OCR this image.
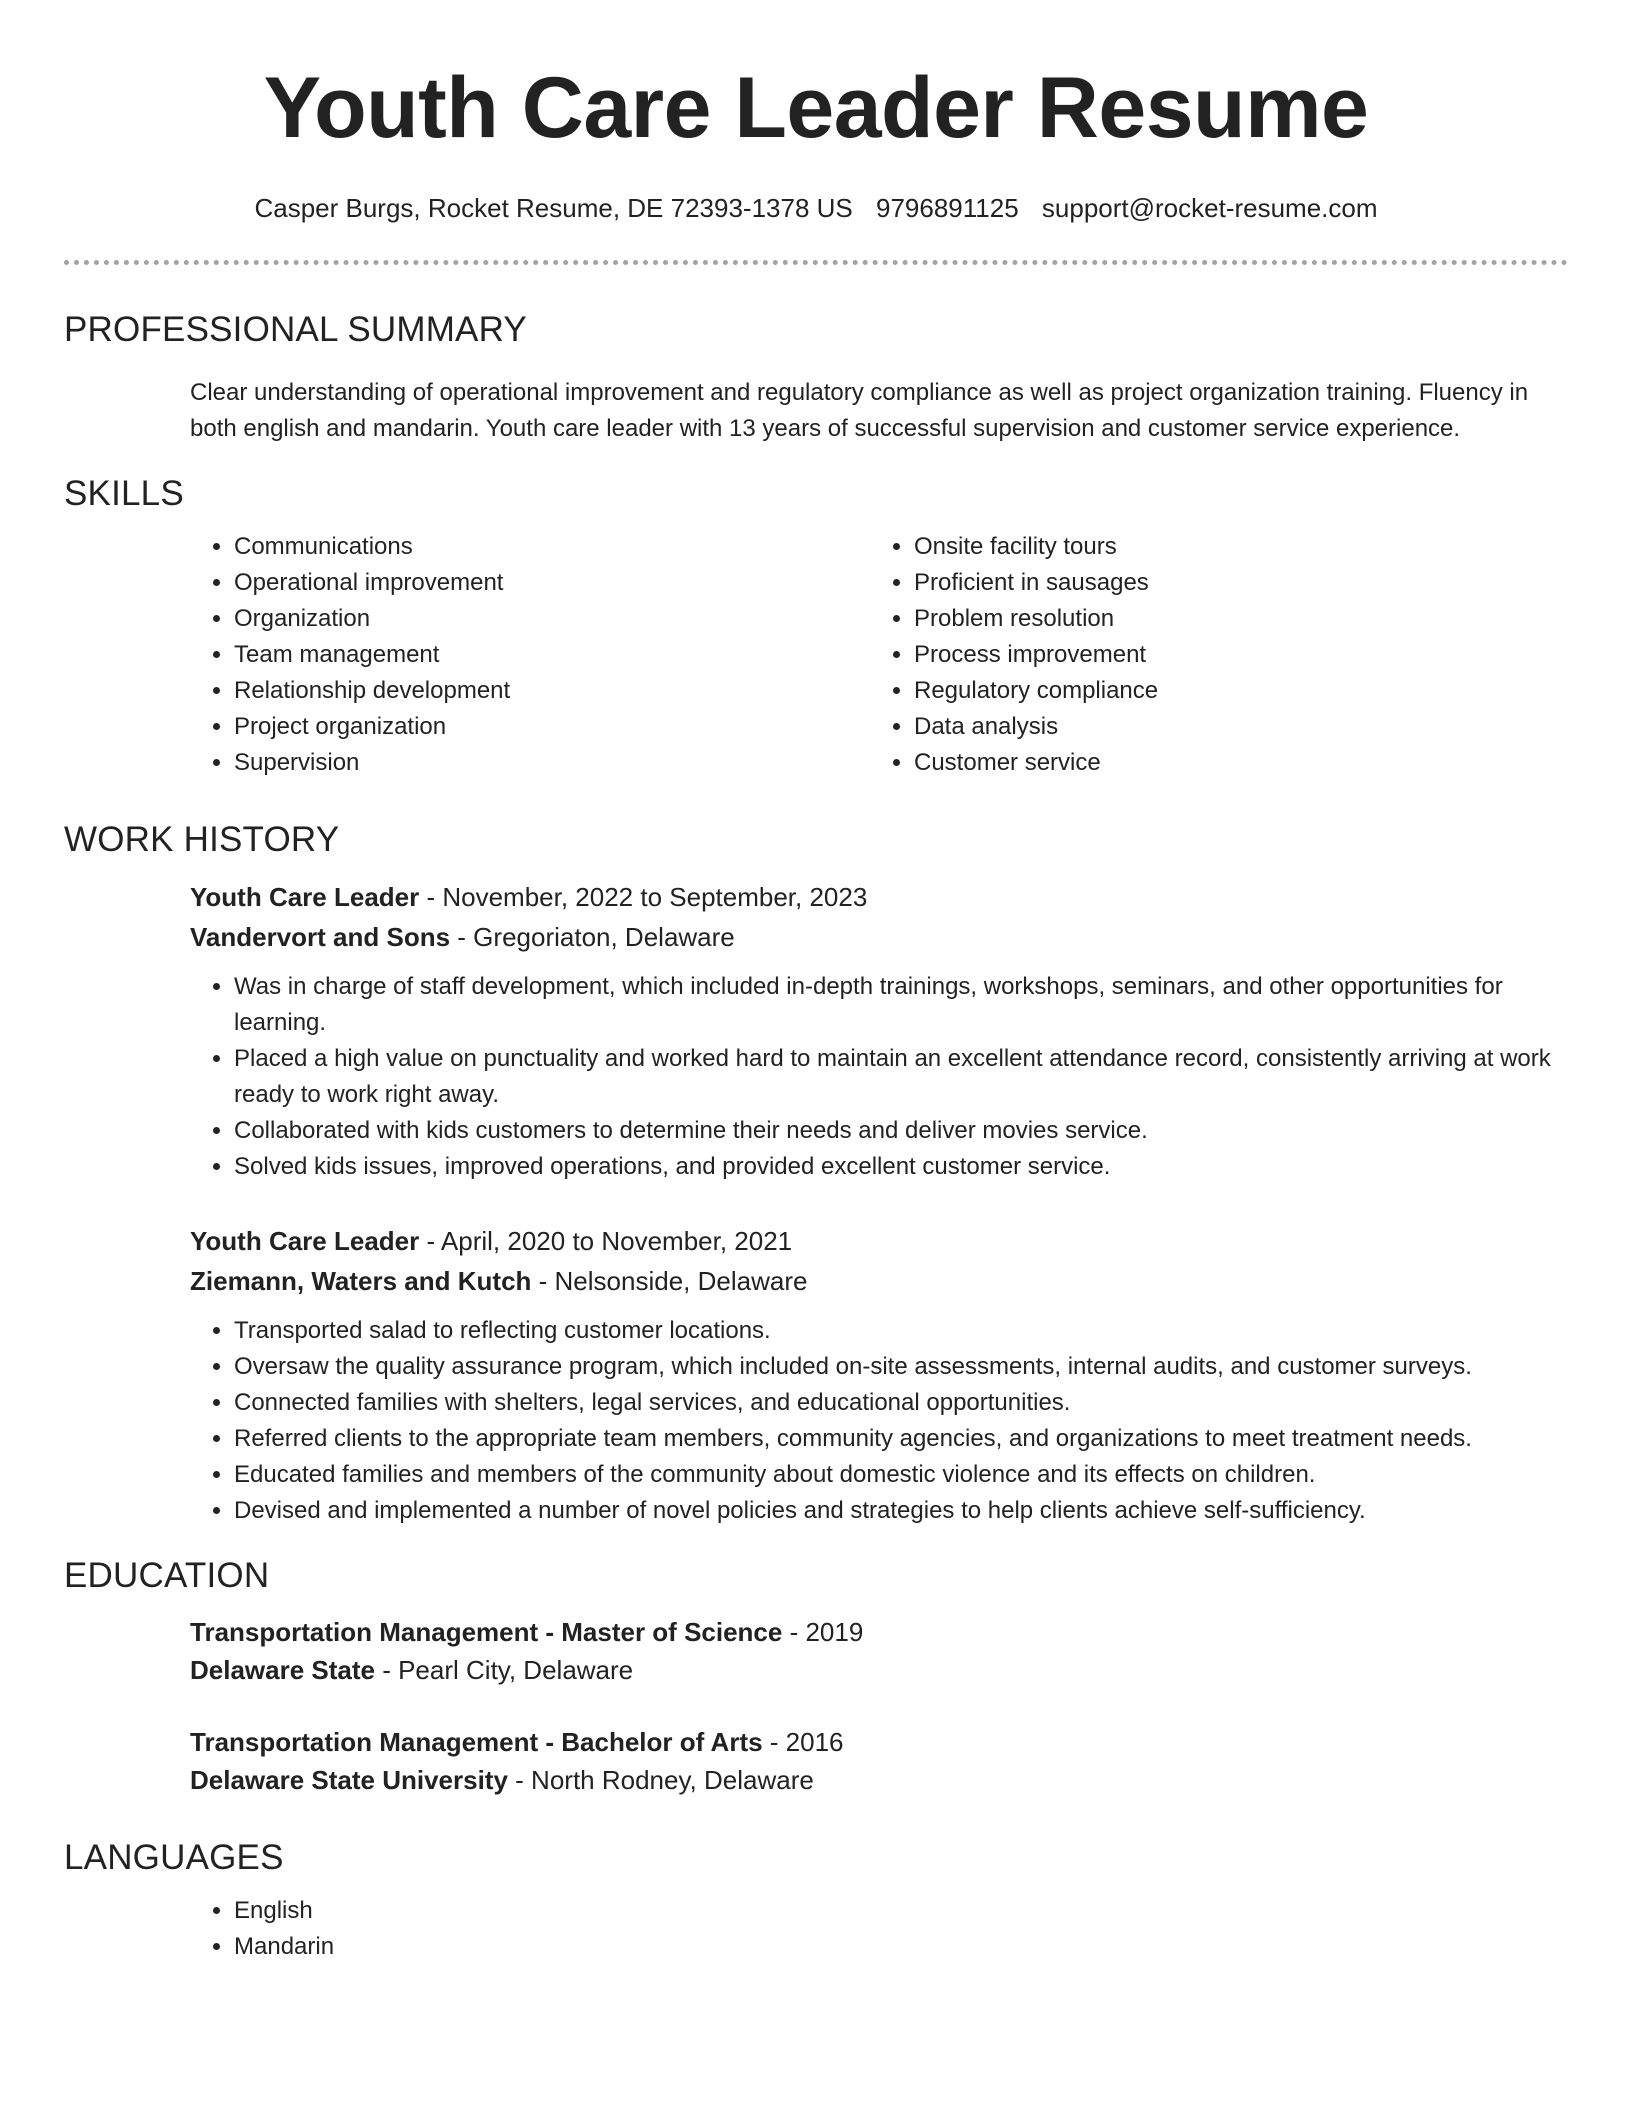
Youth Care Leader Resume
Casper Burgs, Rocket Resume, DE 72393-1378 US 9796891125 support@rocket-resume.com
PROFESSIONAL SUMMARY
Clear understanding of operational improvement and regulatory compliance as well as project organization training. Fluency in both english and mandarin. Youth care leader with 13 years of successful supervision and customer service experience.
SKILLS
• Communications
• Operational improvement
• Organization
• Team management
• Relationship development
• Project organization
• Supervision
• Onsite facility tours
• Proficient in sausages
• Problem resolution
• Process improvement
• Regulatory compliance
• Data analysis
• Customer service
WORK HISTORY
Youth Care Leader - November, 2022 to September, 2023
Vandervort and Sons - Gregoriaton, Delaware
• Was in charge of staff development, which included in-depth trainings, workshops, seminars, and other opportunities for learning.
• Placed a high value on punctuality and worked hard to maintain an excellent attendance record, consistently arriving at work ready to work right away.
• Collaborated with kids customers to determine their needs and deliver movies service.
• Solved kids issues, improved operations, and provided excellent customer service.
Youth Care Leader - April, 2020 to November, 2021
Ziemann, Waters and Kutch - Nelsonside, Delaware
• Transported salad to reflecting customer locations.
• Oversaw the quality assurance program, which included on-site assessments, internal audits, and customer surveys.
• Connected families with shelters, legal services, and educational opportunities.
• Referred clients to the appropriate team members, community agencies, and organizations to meet treatment needs.
• Educated families and members of the community about domestic violence and its effects on children.
• Devised and implemented a number of novel policies and strategies to help clients achieve self-sufficiency.
EDUCATION
Transportation Management - Master of Science - 2019
Delaware State - Pearl City, Delaware
Transportation Management - Bachelor of Arts - 2016
Delaware State University - North Rodney, Delaware
LANGUAGES
• English
• Mandarin
